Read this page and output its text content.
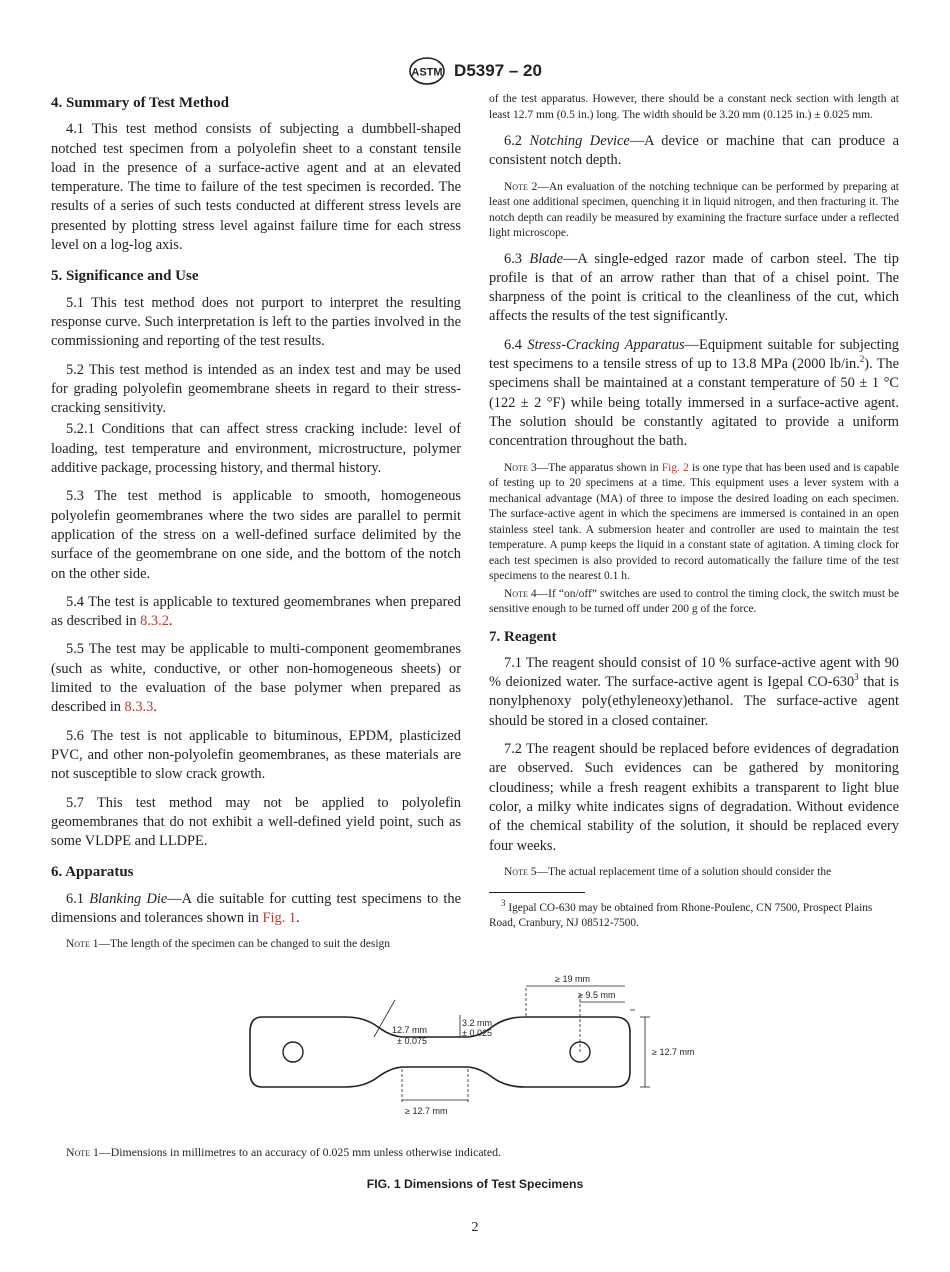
ASTM D5397 – 20
4. Summary of Test Method

4.1 This test method consists of subjecting a dumbbell-shaped notched test specimen from a polyolefin sheet to a constant tensile load in the presence of a surface-active agent and at an elevated temperature. The time to failure of the test specimen is recorded. The results of a series of such tests conducted at different stress levels are presented by plotting stress level against failure time for each stress level on a log-log axis.

5. Significance and Use

5.1 This test method does not purport to interpret the resulting response curve. Such interpretation is left to the parties involved in the commissioning and reporting of the test results.

5.2 This test method is intended as an index test and may be used for grading polyolefin geomembrane sheets in regard to their stress-cracking sensitivity.

5.2.1 Conditions that can affect stress cracking include: level of loading, test temperature and environment, microstructure, polymer additive package, processing history, and thermal history.

5.3 The test method is applicable to smooth, homogeneous polyolefin geomembranes where the two sides are parallel to permit application of the stress on a well-defined surface delimited by the surface of the geomembrane on one side, and the bottom of the notch on the other side.

5.4 The test is applicable to textured geomembranes when prepared as described in 8.3.2.

5.5 The test may be applicable to multi-component geomembranes (such as white, conductive, or other non-homogeneous sheets) or limited to the evaluation of the base polymer when prepared as described in 8.3.3.

5.6 The test is not applicable to bituminous, EPDM, plasticized PVC, and other non-polyolefin geomembranes, as these materials are not susceptible to slow crack growth.

5.7 This test method may not be applied to polyolefin geomembranes that do not exhibit a well-defined yield point, such as some VLDPE and LLDPE.

6. Apparatus

6.1 Blanking Die—A die suitable for cutting test specimens to the dimensions and tolerances shown in Fig. 1.

Note 1—The length of the specimen can be changed to suit the design

of the test apparatus. However, there should be a constant neck section with length at least 12.7 mm (0.5 in.) long. The width should be 3.20 mm (0.125 in.) ± 0.025 mm.

6.2 Notching Device—A device or machine that can produce a consistent notch depth.

Note 2—An evaluation of the notching technique can be performed by preparing at least one additional specimen, quenching it in liquid nitrogen, and then fracturing it. The notch depth can readily be measured by examining the fracture surface under a reflected light microscope.

6.3 Blade—A single-edged razor made of carbon steel. The tip profile is that of an arrow rather than that of a chisel point. The sharpness of the point is critical to the cleanliness of the cut, which affects the results of the test significantly.

6.4 Stress-Cracking Apparatus—Equipment suitable for subjecting test specimens to a tensile stress of up to 13.8 MPa (2000 lb/in.$^2$). The specimens shall be maintained at a constant temperature of 50 ± 1 °C (122 ± 2 °F) while being totally immersed in a surface-active agent. The solution should be constantly agitated to provide a uniform concentration throughout the bath.

Note 3—The apparatus shown in Fig. 2 is one type that has been used and is capable of testing up to 20 specimens at a time. This equipment uses a lever system with a mechanical advantage (MA) of three to impose the desired loading on each specimen. The surface-active agent in which the specimens are immersed is contained in an open stainless steel tank. A submersion heater and controller are used to maintain the test temperature. A pump keeps the liquid in a constant state of agitation. A timing clock for each test specimen is also provided to record automatically the failure time of the test specimens to the nearest 0.1 h.

Note 4—If “on/off” switches are used to control the timing clock, the switch must be sensitive enough to be turned off under 200 g of the force.

7. Reagent

7.1 The reagent should consist of 10 % surface-active agent with 90 % deionized water. The surface-active agent is Igepal $CO-630^3$ that is nonylphenoxy poly(ethyleneoxy)ethanol. The surface-active agent should be stored in a closed container.

7.2 The reagent should be replaced before evidences of degradation are observed. Such evidences can be gathered by monitoring cloudiness; while a fresh reagent exhibits a transparent to light blue color, a milky white indicates signs of degradation. Without evidence of the chemical stability of the solution, it should be replaced every four weeks.

Note 5—The actual replacement time of a solution should consider the

$^3$ Igepal CO-630 may be obtained from Rhone-Poulenc, CN 7500, Prospect Plains Road, Cranbury, NJ 08512-7500.

≥ 19 mm
≥ 9.5 mm
≥ 12.7 mm
12.7 mm
± 0.075
3.2 mm
± 0.025
≥ 12.7 mm
Note 1—Dimensions in millimetres to an accuracy of 0.025 mm unless otherwise indicated.
FIG. 1 Dimensions of Test Specimens
2
